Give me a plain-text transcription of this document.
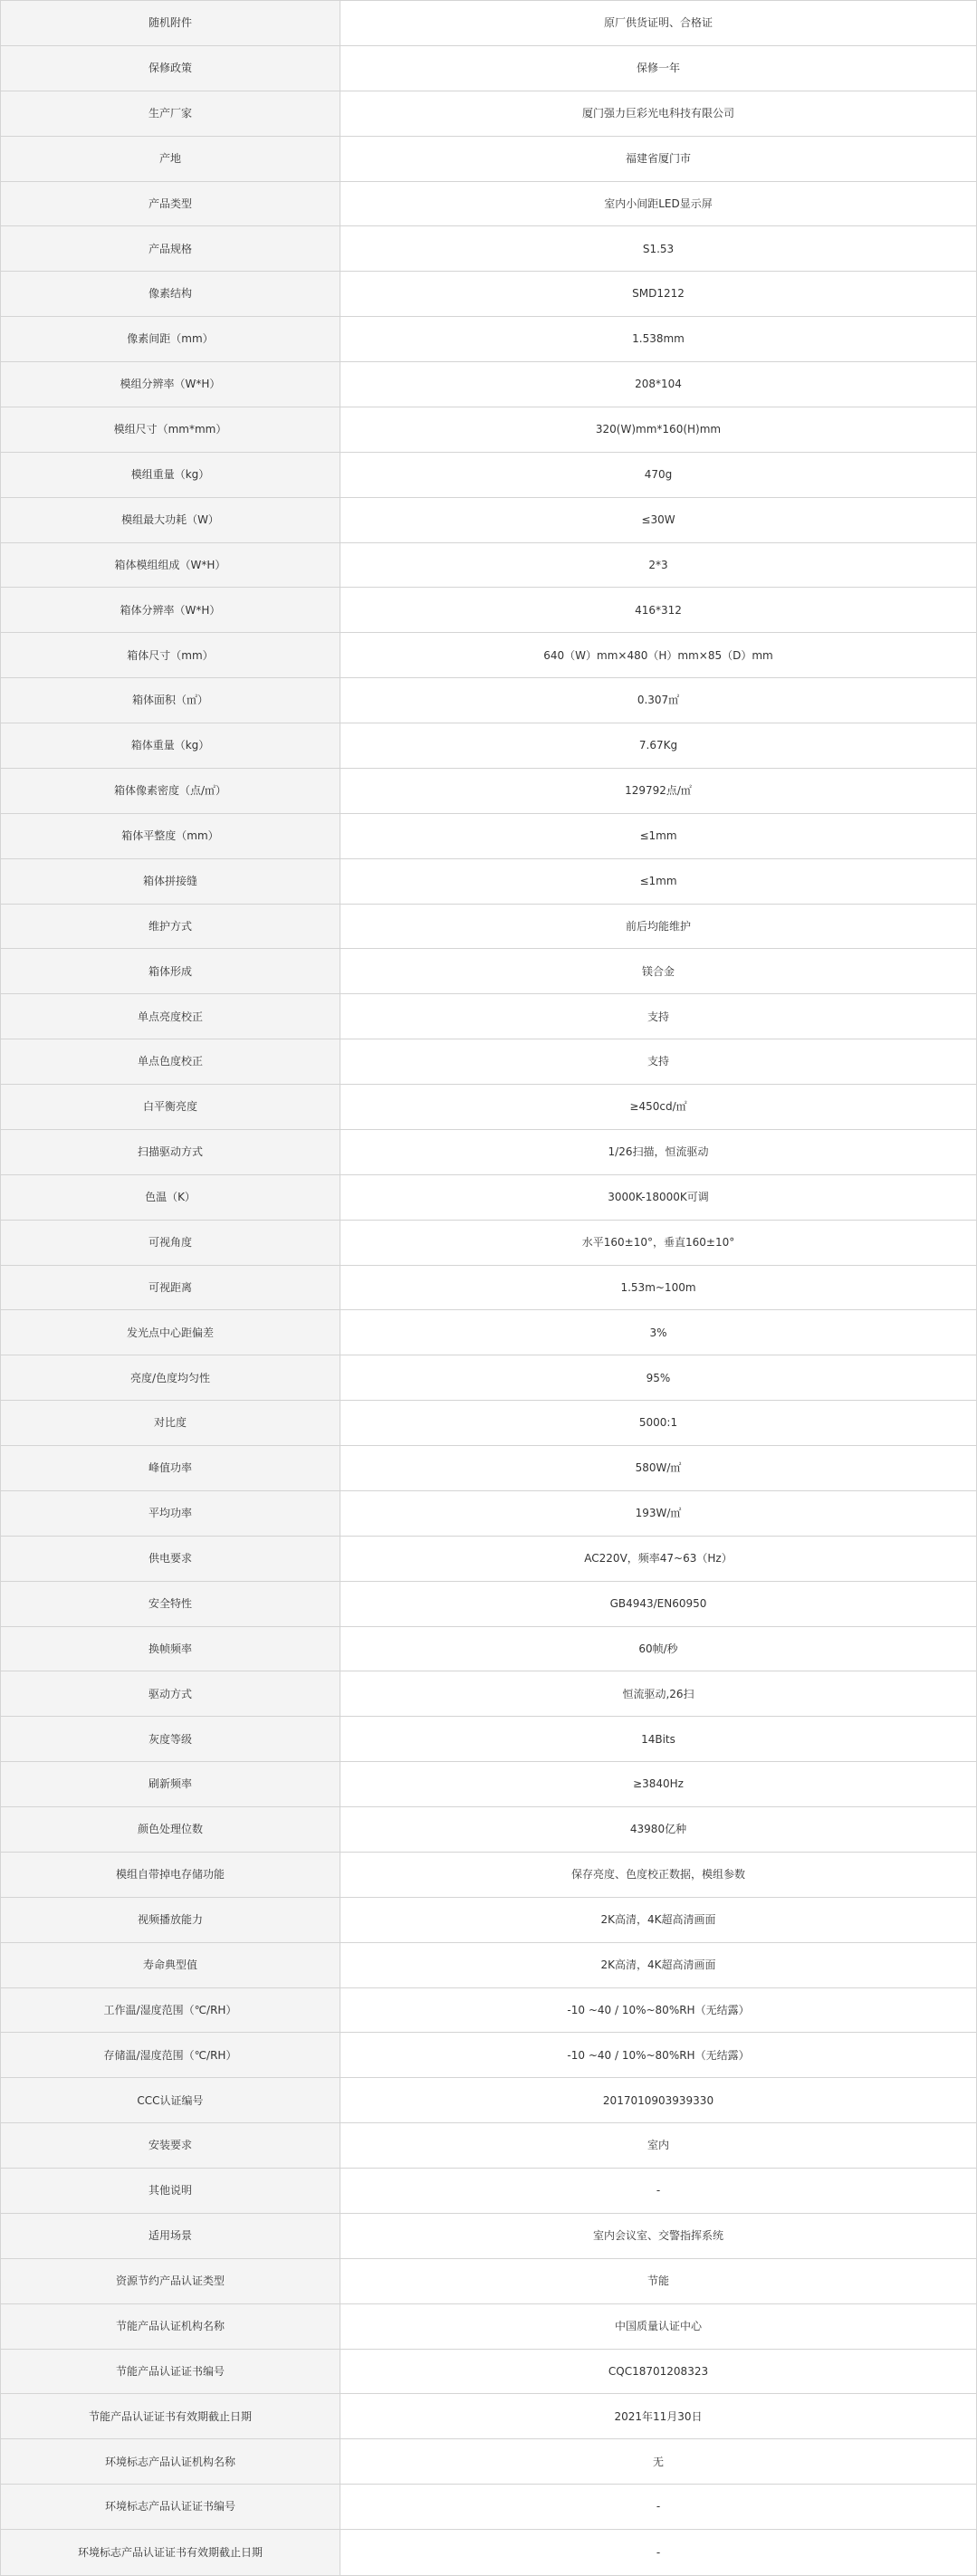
随机附件	原厂供货证明、合格证
保修政策	保修一年
生产厂家	厦门强力巨彩光电科技有限公司
产地	福建省厦门市
产品类型	室内小间距LED显示屏
产品规格	S1.53
像素结构	SMD1212
像素间距（mm）	1.538mm
模组分辨率（W*H）	208*104
模组尺寸（mm*mm）	320(W)mm*160(H)mm
模组重量（kg）	470g
模组最大功耗（W）	≤30W
箱体模组组成（W*H）	2*3
箱体分辨率（W*H）	416*312
箱体尺寸（mm）	640（W）mm×480（H）mm×85（D）mm
箱体面积（㎡）	0.307㎡
箱体重量（kg）	7.67Kg
箱体像素密度（点/㎡）	129792点/㎡
箱体平整度（mm）	≤1mm
箱体拼接缝	≤1mm
维护方式	前后均能维护
箱体形成	镁合金
单点亮度校正	支持
单点色度校正	支持
白平衡亮度	≥450cd/㎡
扫描驱动方式	1/26扫描，恒流驱动
色温（K）	3000K-18000K可调
可视角度	水平160±10°，垂直160±10°
可视距离	1.53m~100m
发光点中心距偏差	3%
亮度/色度均匀性	95%
对比度	5000:1
峰值功率	580W/㎡
平均功率	193W/㎡
供电要求	AC220V，频率47~63（Hz）
安全特性	GB4943/EN60950
换帧频率	60帧/秒
驱动方式	恒流驱动,26扫
灰度等级	14Bits
刷新频率	≥3840Hz
颜色处理位数	43980亿种
模组自带掉电存储功能	保存亮度、色度校正数据，模组参数
视频播放能力	2K高清，4K超高清画面
寿命典型值	2K高清，4K超高清画面
工作温/湿度范围（℃/RH）	-10 ~40 / 10%~80%RH（无结露）
存储温/湿度范围（℃/RH）	-10 ~40 / 10%~80%RH（无结露）
CCC认证编号	2017010903939330
安装要求	室内
其他说明	-
适用场景	室内会议室、交警指挥系统
资源节约产品认证类型	节能
节能产品认证机构名称	中国质量认证中心
节能产品认证证书编号	CQC18701208323
节能产品认证证书有效期截止日期	2021年11月30日
环境标志产品认证机构名称	无
环境标志产品认证证书编号	-
环境标志产品认证证书有效期截止日期	-
